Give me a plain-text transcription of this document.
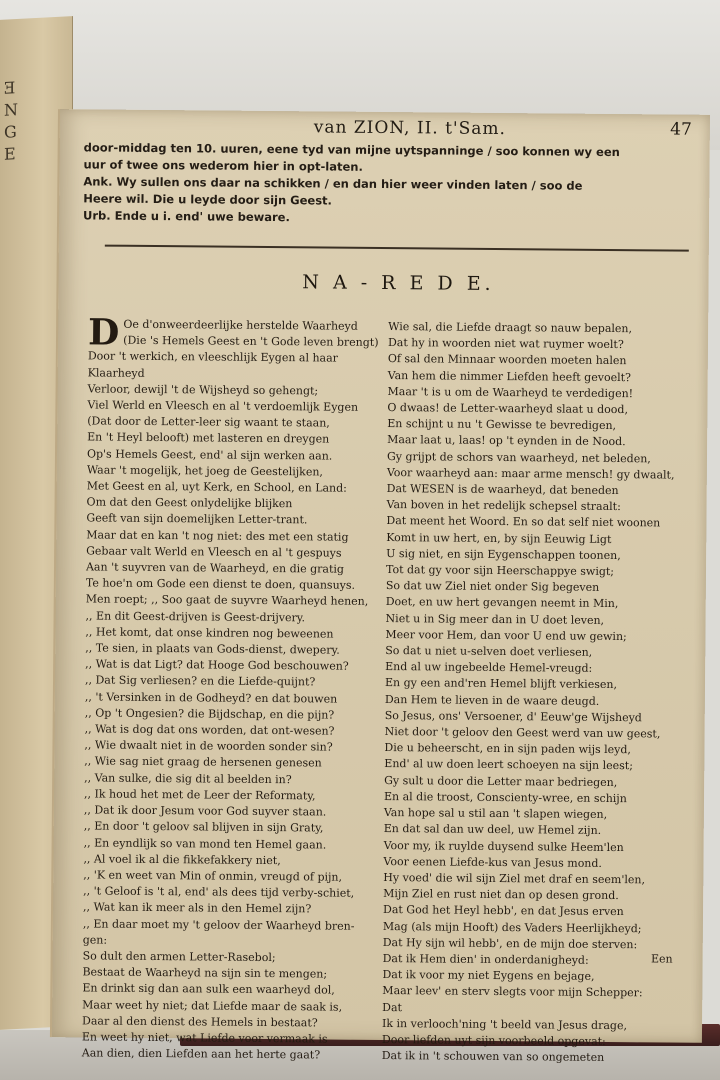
Ǝ
N
G
E
van ZION, II. t'Sam.	47
door-middag ten 10. uuren, eene tyd van mijne uytspanninge / soo konnen wy een
uur of twee ons wederom hier in opt-laten.
Ank. Wy sullen ons daar na schikken / en dan hier weer vinden laten / soo de
Heere wil. Die u leyde door sijn Geest.
Urb. Ende u i. end' uwe beware.
N A - R E D E.
D Oe d'onweerdeerlijke herstelde Waarheyd
(Die 's Hemels Geest en 't Gode leven brengt)
Door 't werkich, en vleeschlijk Eygen al haar
Klaarheyd
Verloor, dewijl 't de Wijsheyd so gehengt;
Viel Werld en Vleesch en al 't verdoemlijk Eygen
(Dat door de Letter-leer sig waant te staan,
En 't Heyl belooft) met lasteren en dreygen
Op's Hemels Geest, end' al sijn werken aan.
Waar 't mogelijk, het joeg de Geestelijken,
Met Geest en al, uyt Kerk, en School, en Land:
Om dat den Geest onlydelijke blijken
Geeft van sijn doemelijken Letter-trant.
Maar dat en kan 't nog niet: des met een statig
Gebaar valt Werld en Vleesch en al 't gespuys
Aan 't suyvren van de Waarheyd, en die gratig
Te hoe'n om Gode een dienst te doen, quansuys.
Men roept; ,, Soo gaat de suyvre Waarheyd henen,
,, En dit Geest-drijven is Geest-drijvery.
,, Het komt, dat onse kindren nog beweenen
,, Te sien, in plaats van Gods-dienst, dwepery.
,, Wat is dat Ligt? dat Hooge God beschouwen?
,, Dat Sig verliesen? en die Liefde-quijnt?
,, 't Versinken in de Godheyd? en dat bouwen
,, Op 't Ongesien? die Bijdschap, en die pijn?
,, Wat is dog dat ons worden, dat ont-wesen?
,, Wie dwaalt niet in de woorden sonder sin?
,, Wie sag niet graag de hersenen genesen
,, Van sulke, die sig dit al beelden in?
,, Ik houd het met de Leer der Reformaty,
,, Dat ik door Jesum voor God suyver staan.
,, En door 't geloov sal blijven in sijn Graty,
,, En eyndlijk so van mond ten Hemel gaan.
,, Al voel ik al die fikkefakkery niet,
,, 'K en weet van Min of onmin, vreugd of pijn,
,, 't Geloof is 't al, end' als dees tijd verby-schiet,
,, Wat kan ik meer als in den Hemel zijn?
,, En daar moet my 't geloov der Waarheyd bren-
gen:
So dult den armen Letter-Rasebol;
Bestaat de Waarheyd na sijn sin te mengen;
En drinkt sig dan aan sulk een waarheyd dol,
Maar weet hy niet; dat Liefde maar de saak is,
Daar al den dienst des Hemels in bestaat?
En weet hy niet, wat Liefde voor vermaak is
Aan dien, dien Liefden aan het herte gaat?
Wie sal, die Liefde draagt so nauw bepalen,
Dat hy in woorden niet wat ruymer woelt?
Of sal den Minnaar woorden moeten halen
Van hem die nimmer Liefden heeft gevoelt?
Maar 't is u om de Waarheyd te verdedigen!
O dwaas! de Letter-waarheyd slaat u dood,
En schijnt u nu 't Gewisse te bevredigen,
Maar laat u, laas! op 't eynden in de Nood.
Gy grijpt de schors van waarheyd, net beleden,
Voor waarheyd aan: maar arme mensch! gy dwaalt,
Dat WESEN is de waarheyd, dat beneden
Van boven in het redelijk schepsel straalt:
Dat meent het Woord. En so dat self niet woonen
Komt in uw hert, en, by sijn Eeuwig Ligt
U sig niet, en sijn Eygenschappen toonen,
Tot dat gy voor sijn Heerschappye swigt;
So dat uw Ziel niet onder Sig begeven
Doet, en uw hert gevangen neemt in Min,
Niet u in Sig meer dan in U doet leven,
Meer voor Hem, dan voor U end uw gewin;
So dat u niet u-selven doet verliesen,
End al uw ingebeelde Hemel-vreugd:
En gy een and'ren Hemel blijft verkiesen,
Dan Hem te lieven in de waare deugd.
So Jesus, ons' Versoener, d' Eeuw'ge Wijsheyd
Niet door 't geloov den Geest werd van uw geest,
Die u beheerscht, en in sijn paden wijs leyd,
End' al uw doen leert schoeyen na sijn leest;
Gy sult u door die Letter maar bedriegen,
En al die troost, Conscienty-wree, en schijn
Van hope sal u stil aan 't slapen wiegen,
En dat sal dan uw deel, uw Hemel zijn.
Voor my, ik ruylde duysend sulke Heem'len
Voor eenen Liefde-kus van Jesus mond.
Hy voed' die wil sijn Ziel met draf en seem'len,
Mijn Ziel en rust niet dan op desen grond.
Dat God het Heyl hebb', en dat Jesus erven
Mag (als mijn Hooft) des Vaders Heerlijkheyd;
Dat Hy sijn wil hebb', en de mijn doe sterven:
Dat ik Hem dien' in onderdanigheyd:
Dat ik voor my niet Eygens en bejage,
Maar leev' en sterv slegts voor mijn Schepper:
Dat
Ik in verlooch'ning 't beeld van Jesus drage,
Door liefden uyt sijn voorbeeld opgevat:
Dat ik in 't schouwen van so ongemeten
Een
